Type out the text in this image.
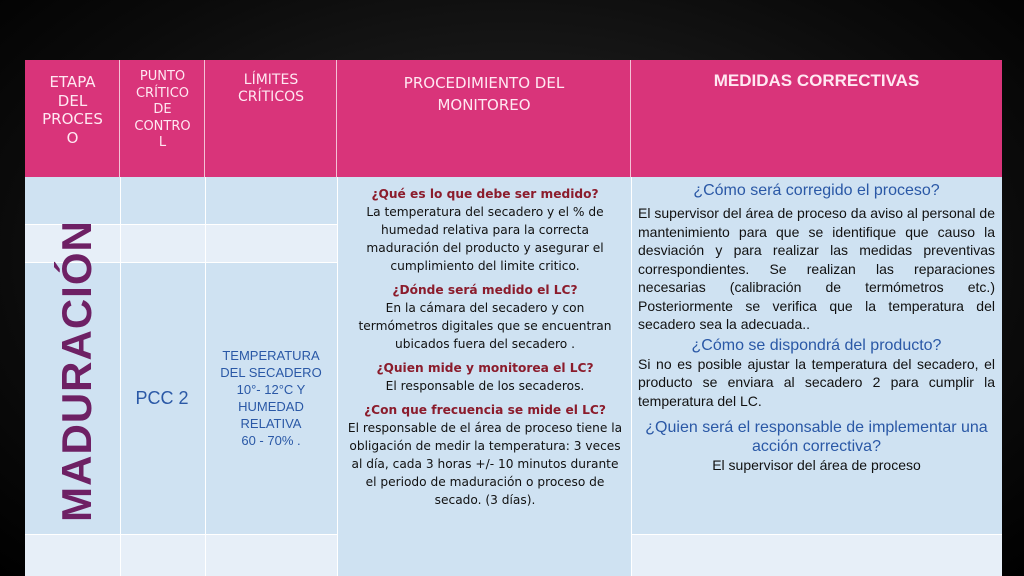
ETAPA
DEL
PROCES
O
PUNTO
CRÍTICO
DE
CONTRO
L
LÍMITES
CRÍTICOS
PROCEDIMIENTO DEL
MONITOREO
MEDIDAS CORRECTIVAS
MADURACIÓN	PCC 2
TEMPERATURA
DEL SECADERO
10°- 12°C Y
HUMEDAD
RELATIVA
60 - 70% .

¿Qué es lo que debe ser medido?
La temperatura del secadero y el % de humedad relativa para la correcta maduración del producto y asegurar el cumplimiento del limite critico.

¿Dónde será medido el LC?
En la cámara del secadero y con termómetros digitales que se encuentran ubicados fuera del secadero .

¿Quien mide y monitorea el LC?
El responsable de los secaderos.

¿Con que frecuencia se mide el LC?
El responsable de el área de proceso tiene la obligación de medir la temperatura: 3 veces al día, cada 3 horas +/- 10 minutos durante el periodo de maduración o proceso de secado. (3 días).

¿Cómo será corregido el proceso?
El supervisor del área de proceso da aviso al personal de mantenimiento para que se identifique que causo la desviación y para realizar las medidas preventivas correspondientes. Se realizan las reparaciones necesarias (calibración de termómetros etc.) Posteriormente se verifica que la temperatura del secadero sea la adecuada..
¿Cómo se dispondrá del producto?
Si no es posible ajustar la temperatura del secadero, el producto se enviara al secadero 2 para cumplir la temperatura del LC.
¿Quien será el responsable de implementar una acción correctiva?
El supervisor del área de proceso
